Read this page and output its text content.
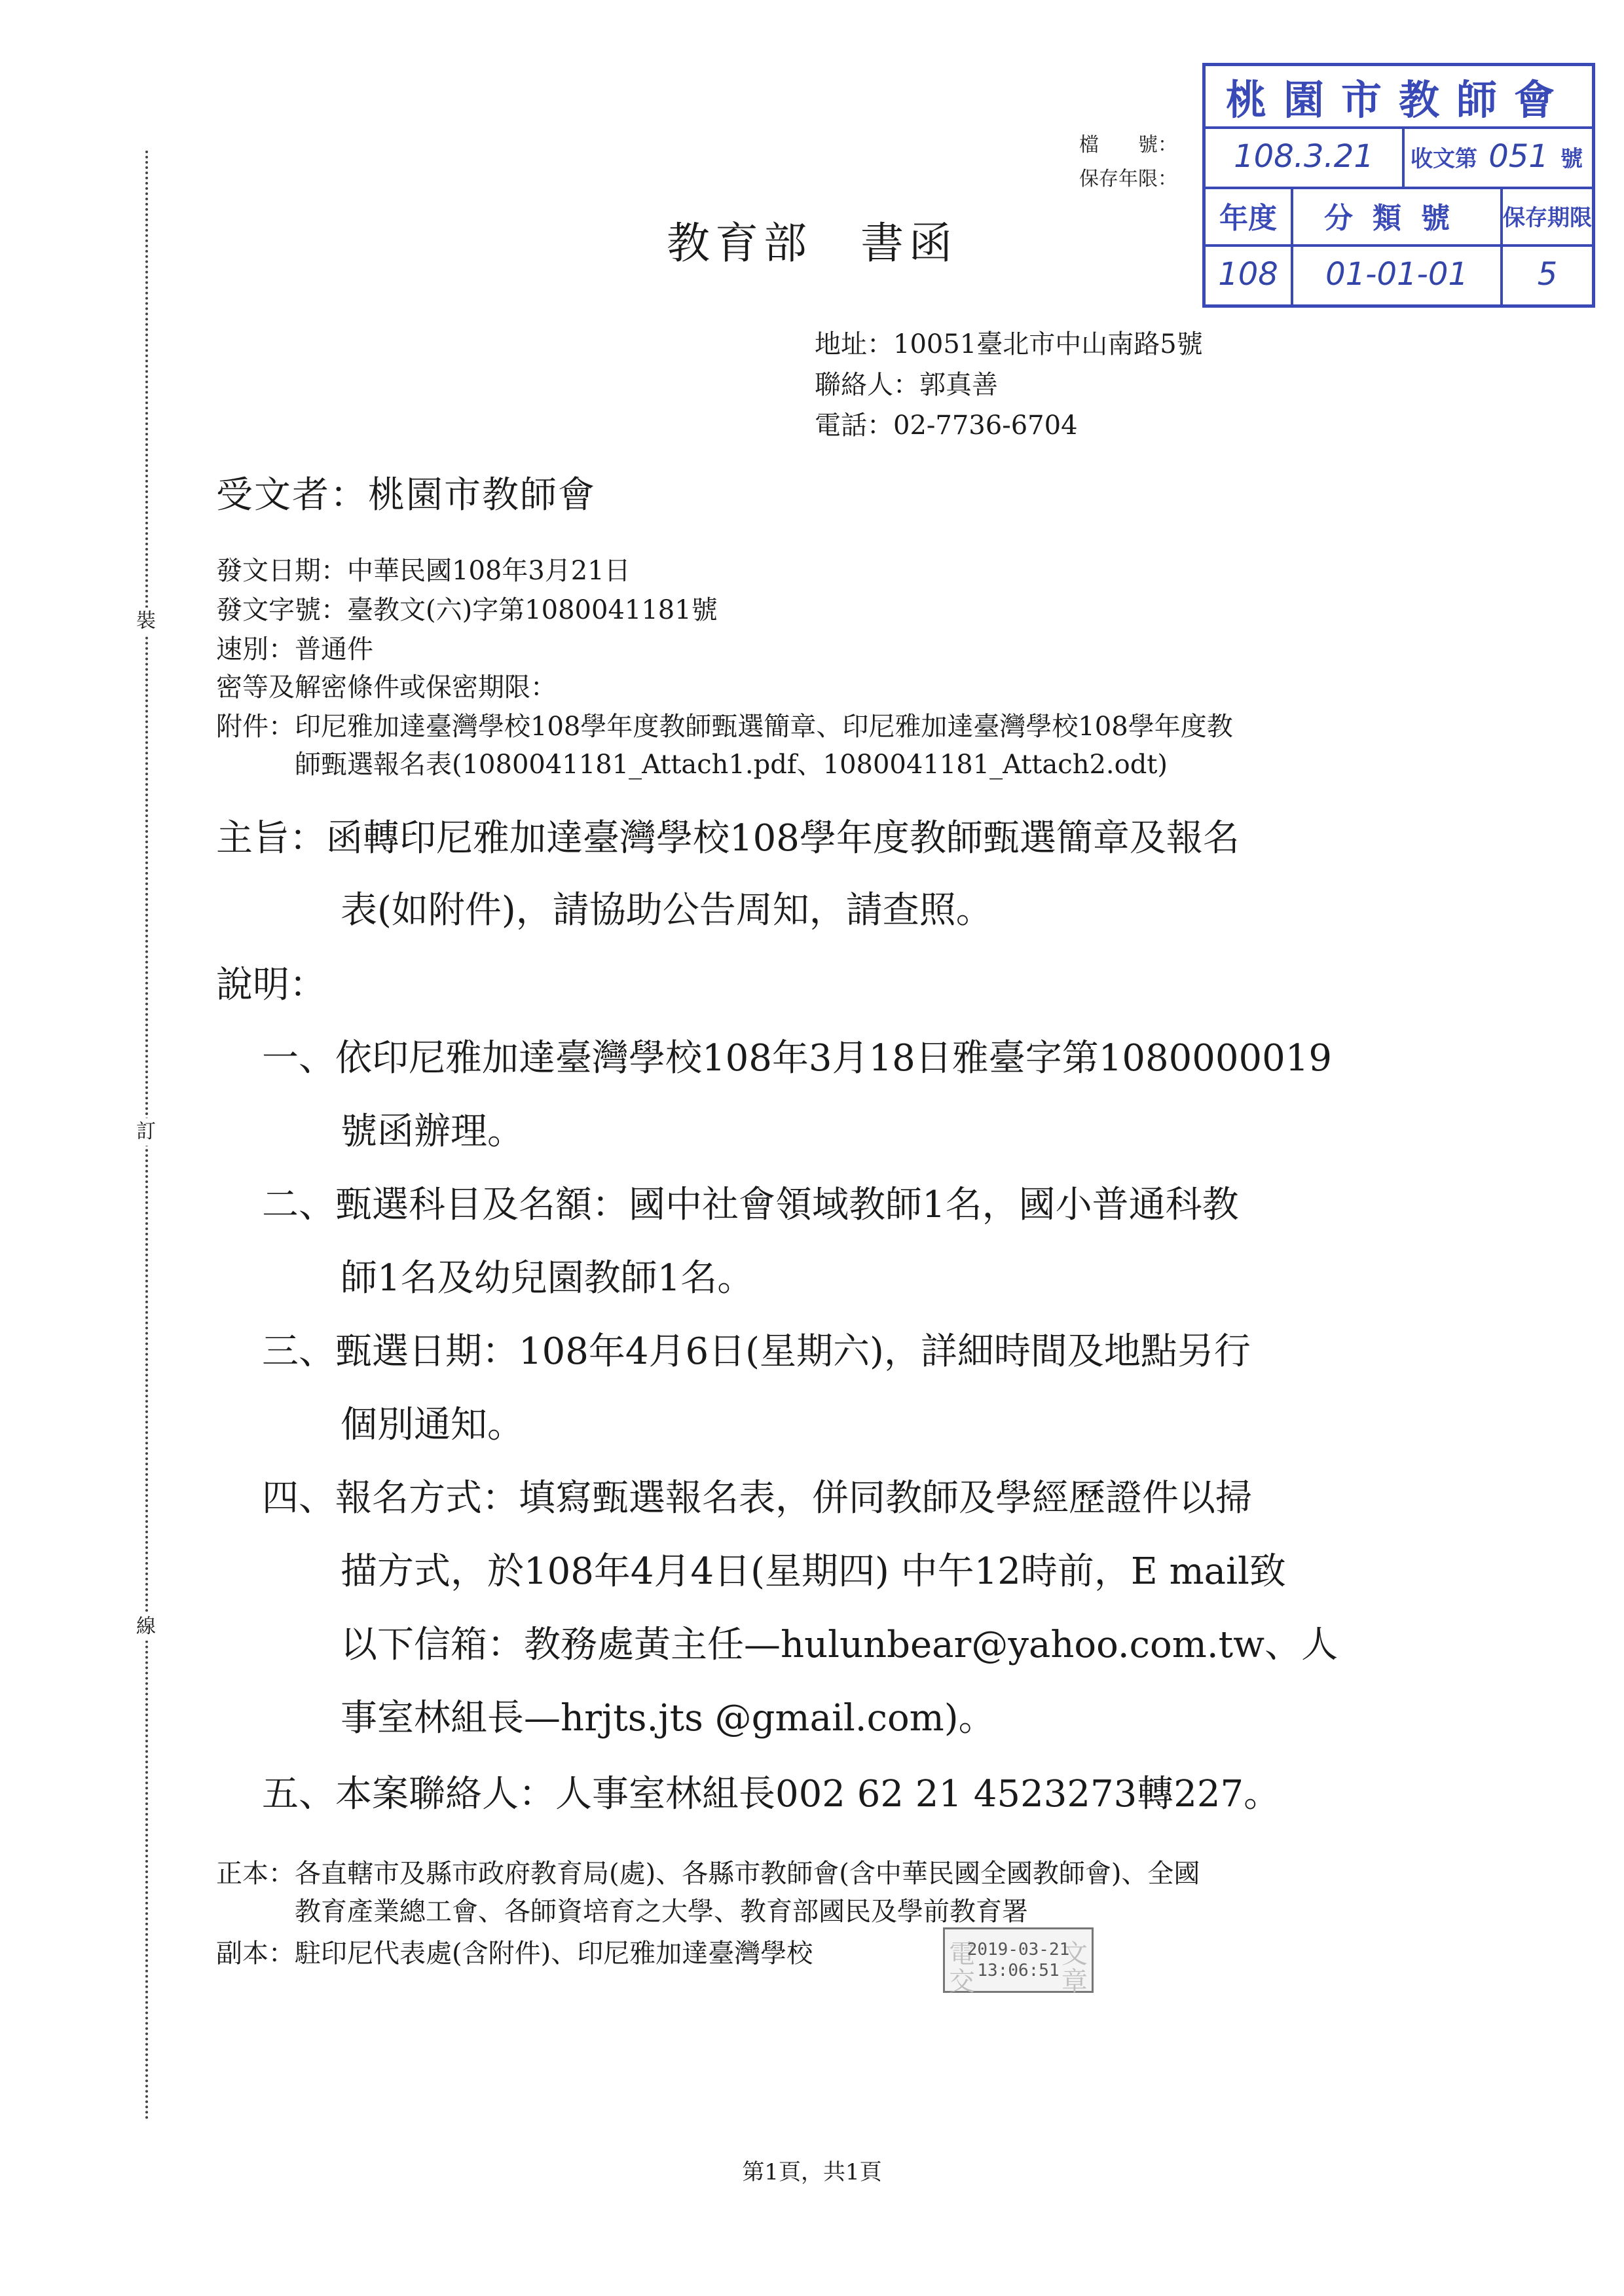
裝
訂
線
檔　　號：
保存年限：
桃園市教師會
108.3.21 收文第 051 號
年度 分類號 保存期限
108 01-01-01 5
教育部　書函
地址：10051臺北市中山南路5號
聯絡人：郭真善
電話：02-7736-6704
受文者：桃園市教師會
發文日期：中華民國108年3月21日
發文字號：臺教文(六)字第1080041181號
速別：普通件
密等及解密條件或保密期限：
附件：印尼雅加達臺灣學校108學年度教師甄選簡章、印尼雅加達臺灣學校108學年度教
師甄選報名表(1080041181_Attach1.pdf、1080041181_Attach2.odt)
主旨：函轉印尼雅加達臺灣學校108學年度教師甄選簡章及報名
表(如附件)，請協助公告周知，請查照。
說明：
一、依印尼雅加達臺灣學校108年3月18日雅臺字第1080000019
號函辦理。
二、甄選科目及名額：國中社會領域教師1名，國小普通科教
師1名及幼兒園教師1名。
三、甄選日期：108年4月6日(星期六)，詳細時間及地點另行
個別通知。
四、報名方式：填寫甄選報名表，併同教師及學經歷證件以掃
描方式，於108年4月4日(星期四) 中午12時前，E mail致
以下信箱：教務處黃主任—hulunbear@yahoo.com.tw、人
事室林組長—hrjts.jts @gmail.com)。
五、本案聯絡人：人事室林組長002 62 21 4523273轉227。
正本：各直轄市及縣市政府教育局(處)、各縣市教師會(含中華民國全國教師會)、全國
教育產業總工會、各師資培育之大學、教育部國民及學前教育署
副本：駐印尼代表處(含附件)、印尼雅加達臺灣學校	電	文
交	章
2019-03-21
13:06:51
第1頁，共1頁
